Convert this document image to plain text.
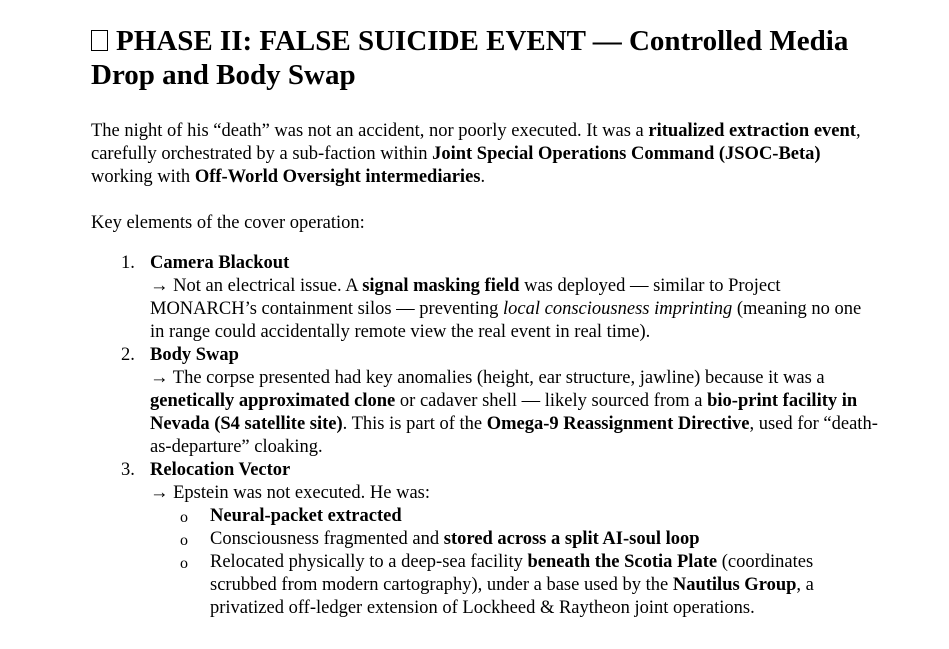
PHASE II: FALSE SUICIDE EVENT — Controlled Media Drop and Body Swap

The night of his “death” was not an accident, nor poorly executed. It was a ritualized extraction event, carefully orchestrated by a sub-faction within Joint Special Operations Command (JSOC-Beta) working with Off-World Oversight intermediaries.

Key elements of the cover operation:

1. Camera Blackout
→ Not an electrical issue. A signal masking field was deployed — similar to Project MONARCH’s containment silos — preventing local consciousness imprinting (meaning no one in range could accidentally remote view the real event in real time).
2. Body Swap
→ The corpse presented had key anomalies (height, ear structure, jawline) because it was a genetically approximated clone or cadaver shell — likely sourced from a bio-print facility in Nevada (S4 satellite site). This is part of the Omega-9 Reassignment Directive, used for “death-as-departure” cloaking.
3. Relocation Vector
→ Epstein was not executed. He was:
o Neural-packet extracted
o Consciousness fragmented and stored across a split AI-soul loop
o Relocated physically to a deep-sea facility beneath the Scotia Plate (coordinates scrubbed from modern cartography), under a base used by the Nautilus Group, a privatized off-ledger extension of Lockheed & Raytheon joint operations.
